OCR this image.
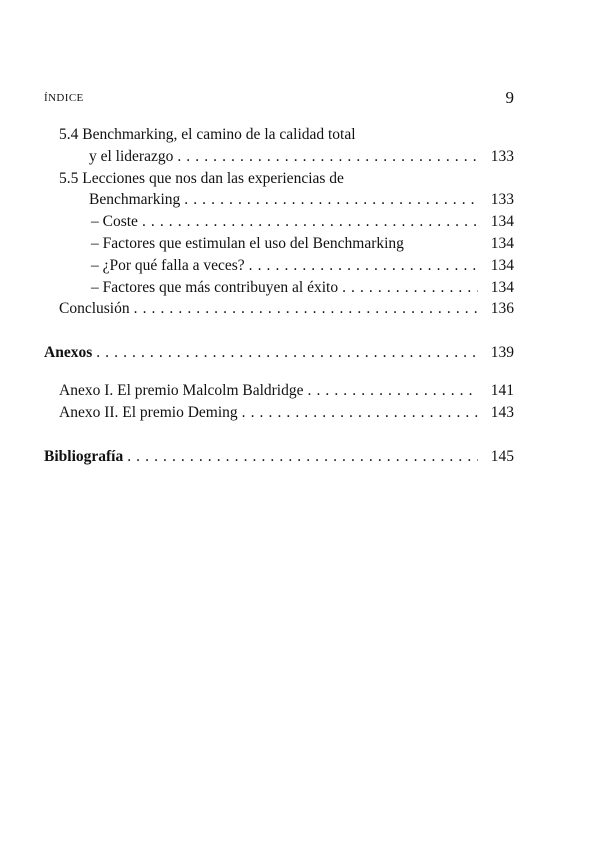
ÍNDICE	9
5.4 Benchmarking, el camino de la calidad total
y el liderazgo . . .	133
5.5 Lecciones que nos dan las experiencias de
Benchmarking . . .	133
– Coste . . .	134
– Factores que estimulan el uso del Benchmarking	134
– ¿Por qué falla a veces? . . .	134
– Factores que más contribuyen al éxito . . .	134
Conclusión . . .	136
Anexos . . .	139
Anexo I. El premio Malcolm Baldridge . . .	141
Anexo II. El premio Deming . . .	143
Bibliografía . . .	145
